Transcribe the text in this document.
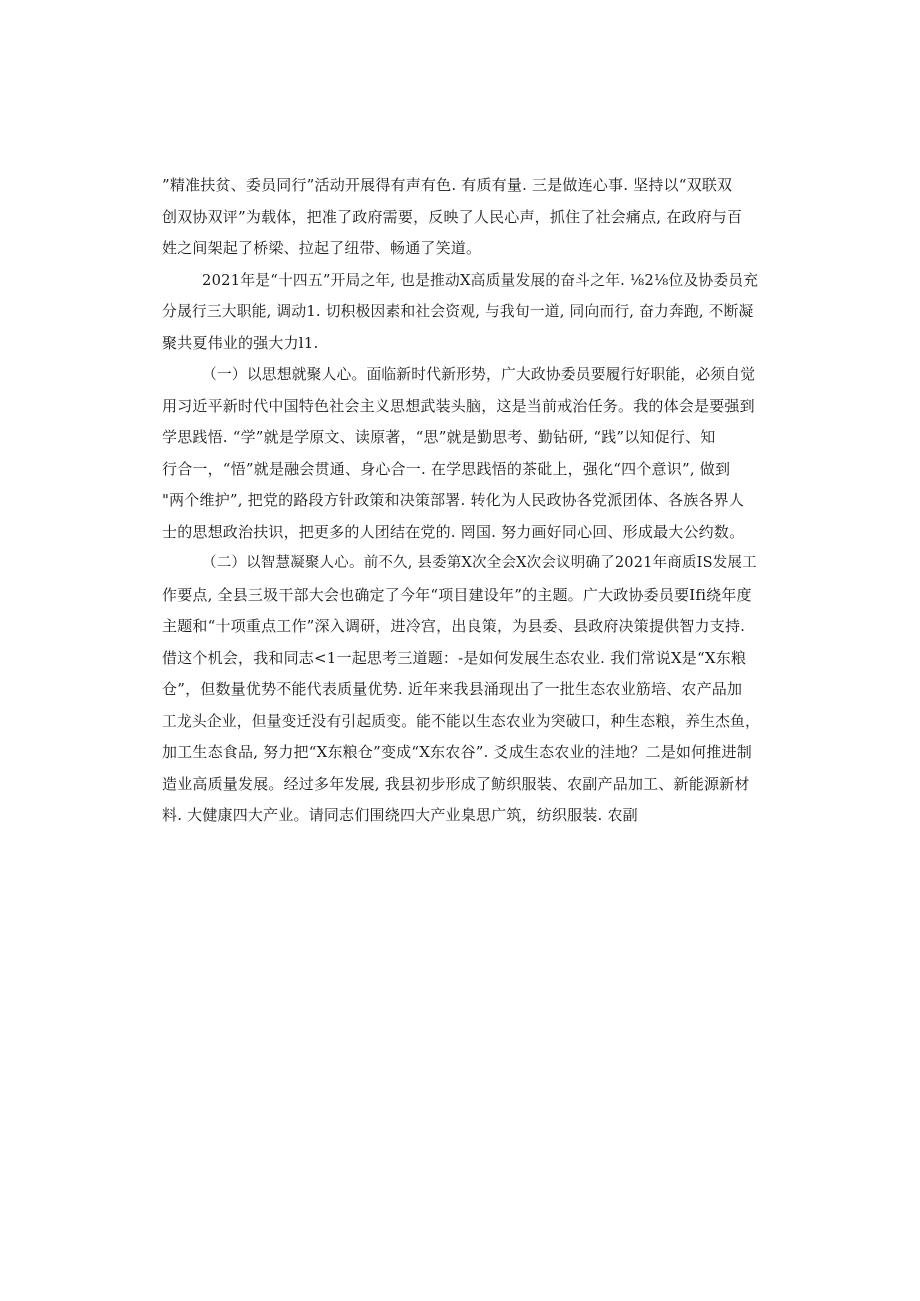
”精准扶贫、委员同行”活动开展得有声有色. 有质有量. 三是做连心事. 坚持以“双联双
创双协双评”为载体，把准了政府需要，反映了人民心声，抓住了社会痛点, 在政府与百
姓之间架起了桥梁、拉起了纽带、畅通了笑道。
2021年是“十四五”开局之年, 也是推动X高质量发展的奋斗之年. ⅛2⅛位及协委员充
分晟行三大职能, 调动1. 切积极因素和社会资观, 与我旬一道, 同向而行, 奋力奔跑, 不断凝
聚共夏伟业的强大力l1.
（一）以思想就聚人心。面临新时代新形势，广大政协委员要履行好职能，必须自觉
用习近平新时代中国特色社会主义思想武装头脑，这是当前戒治任务。我的体会是要强到
学思践悟. “学”就是学原文、读原著，“思”就是勤思考、勤钻研, “践”以知促行、知
行合一，“悟”就是融会贯通、身心合一. 在学思践悟的茶砒上，强化“四个意识”, 做到
"两个维护”, 把党的路段方针政策和决策部署. 转化为人民政协各党派团体、各族各界人
士的思想政治扶识，把更多的人团结在党的. 罔国. 努力画好同心回、形成最大公约数。
（二）以智慧凝聚人心。前不久, 县委第X次全会X次会议明确了2021年商质IS发展工
作要点, 全县三圾干部大会也确定了今年“项目建设年”的主题。广大政协委员要Ifi绕年度
主题和“十项重点工作”深入调研，进冷宫，出良策，为县委、县政府决策提供智力支持.
借这个机会，我和同志<1一起思考三道题：-是如何发展生态农业. 我们常说X是“X东粮
仓”，但数量优势不能代表质量优势. 近年来我县涌现出了一批生态农业筋培、农产品加
工龙头企业，但量变迁没有引起质变。能不能以生态农业为突破口，种生态粮，养生杰鱼，
加工生态食品, 努力把“X东粮仓”变成“X东农谷”. 爻成生态农业的洼地？二是如何推进制
造业高质量发展。经过多年发展, 我县初步形成了鲂织服装、农副产品加工、新能源新材
料. 大健康四大产业。请同志们围绕四大产业臬思广筑，纺织服装. 农副
